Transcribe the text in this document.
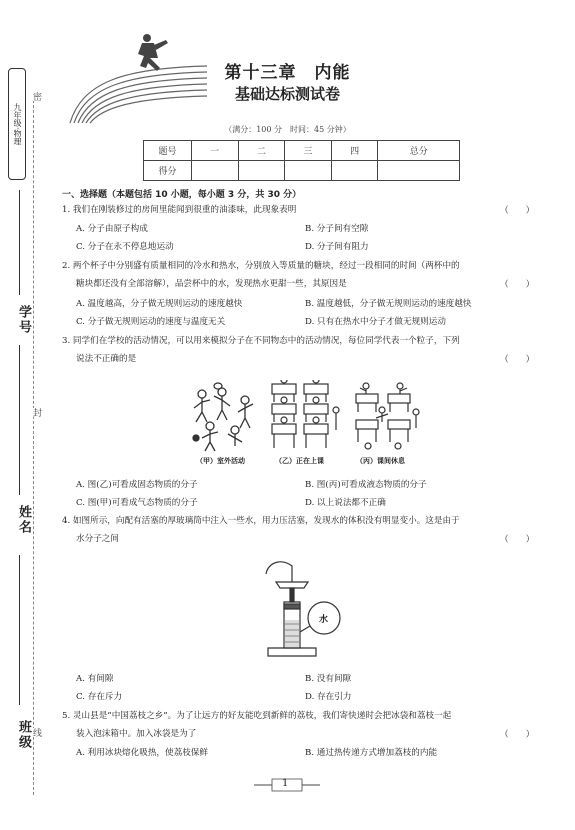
九年级·物理
密
封
线
学号
姓名
班级
第十三章　内能
基础达标测试卷
（满分：100 分　时间：45 分钟）
题号	一	二	三	四	总分
得分					
一、选择题（本题包括 10 小题，每小题 3 分，共 30 分）
1. 我们在刚装修过的房间里能闻到很重的油漆味，此现象表明	（　　）
A. 分子由原子构成	B. 分子间有空隙
C. 分子在永不停息地运动	D. 分子间有阻力
2. 两个杯子中分别盛有质量相同的冷水和热水，分别放入等质量的糖块，经过一段相同的时间（两杯中的
糖块都还没有全部溶解），品尝杯中的水，发现热水更甜一些，其原因是	（　　）
A. 温度越高，分子做无规则运动的速度越快	B. 温度越低，分子做无规则运动的速度越快
C. 分子做无规则运动的速度与温度无关	D. 只有在热水中分子才做无规则运动
3. 同学们在学校的活动情况，可以用来模拟分子在不同物态中的活动情况，每位同学代表一个粒子，下列
说法不正确的是	（　　）
（甲）室外活动	（乙）正在上课	（丙）课间休息
A. 图(乙)可看成固态物质的分子	B. 图(丙)可看成液态物质的分子
C. 图(甲)可看成气态物质的分子	D. 以上说法都不正确
4. 如图所示，向配有活塞的厚玻璃筒中注入一些水，用力压活塞，发现水的体积没有明显变小。这是由于
水分子之间	（　　）
水
A. 有间隙	B. 没有间隙
C. 存在斥力	D. 存在引力
5. 灵山县是“中国荔枝之乡”。为了让远方的好友能吃到新鲜的荔枝，我们寄快递时会把冰袋和荔枝一起
装入泡沫箱中。加入冰袋是为了	（　　）
A. 利用冰块熔化吸热，使荔枝保鲜	B. 通过热传递方式增加荔枝的内能
1
